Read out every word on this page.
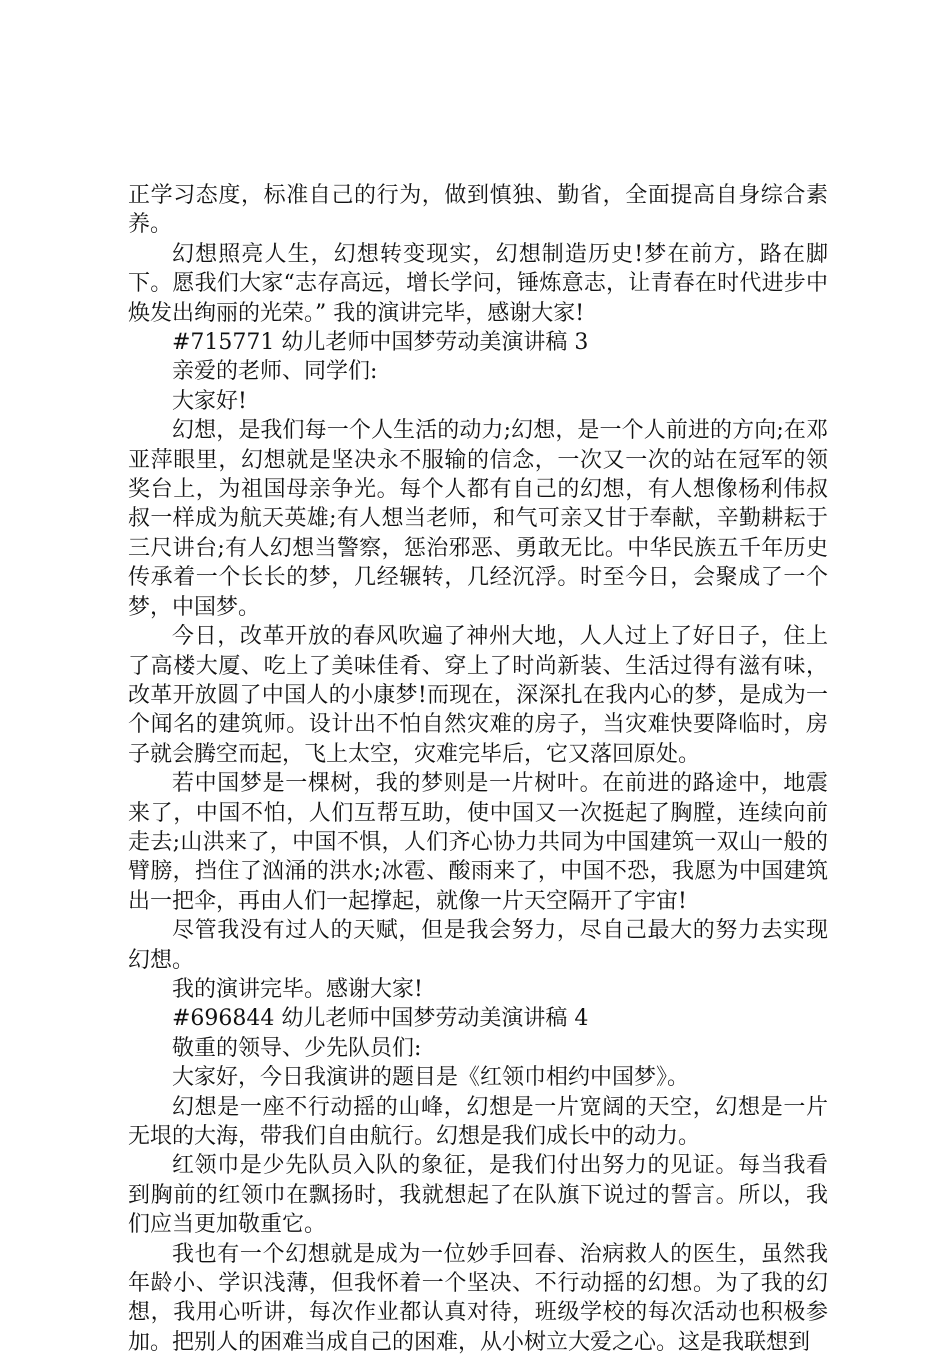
正学习态度，标准自己的行为，做到慎独、勤省，全面提高自身综合素养。

幻想照亮人生，幻想转变现实，幻想制造历史!梦在前方，路在脚下。愿我们大家“志存高远，增长学问，锤炼意志，让青春在时代进步中焕发出绚丽的光荣。” 我的演讲完毕，感谢大家!

#715771 幼儿老师中国梦劳动美演讲稿 3

亲爱的老师、同学们:

大家好!

幻想，是我们每一个人生活的动力;幻想，是一个人前进的方向;在邓亚萍眼里，幻想就是坚决永不服输的信念，一次又一次的站在冠军的领奖台上，为祖国母亲争光。每个人都有自己的幻想，有人想像杨利伟叔叔一样成为航天英雄;有人想当老师，和气可亲又甘于奉献，辛勤耕耘于三尺讲台;有人幻想当警察，惩治邪恶、勇敢无比。中华民族五千年历史传承着一个长长的梦，几经辗转，几经沉浮。时至今日，会聚成了一个梦，中国梦。

今日，改革开放的春风吹遍了神州大地，人人过上了好日子，住上了高楼大厦、吃上了美味佳肴、穿上了时尚新装、生活过得有滋有味，改革开放圆了中国人的小康梦!而现在，深深扎在我内心的梦，是成为一个闻名的建筑师。设计出不怕自然灾难的房子，当灾难快要降临时，房子就会腾空而起，飞上太空，灾难完毕后，它又落回原处。

若中国梦是一棵树，我的梦则是一片树叶。在前进的路途中，地震来了，中国不怕，人们互帮互助，使中国又一次挺起了胸膛，连续向前走去;山洪来了，中国不惧，人们齐心协力共同为中国建筑一双山一般的臂膀，挡住了汹涌的洪水;冰雹、酸雨来了，中国不恐，我愿为中国建筑出一把伞，再由人们一起撑起，就像一片天空隔开了宇宙!

尽管我没有过人的天赋，但是我会努力，尽自己最大的努力去实现幻想。

我的演讲完毕。感谢大家!

#696844 幼儿老师中国梦劳动美演讲稿 4

敬重的领导、少先队员们:

大家好，今日我演讲的题目是《红领巾相约中国梦》。

幻想是一座不行动摇的山峰，幻想是一片宽阔的天空，幻想是一片无垠的大海，带我们自由航行。幻想是我们成长中的动力。

红领巾是少先队员入队的象征，是我们付出努力的见证。每当我看到胸前的红领巾在飘扬时，我就想起了在队旗下说过的誓言。所以，我们应当更加敬重它。

我也有一个幻想就是成为一位妙手回春、治病救人的医生，虽然我年龄小、学识浅薄，但我怀着一个坚决、不行动摇的幻想。为了我的幻想，我用心听讲，每次作业都认真对待，班级学校的每次活动也积极参加。把别人的困难当成自己的困难，从小树立大爱之心。这是我联想到
